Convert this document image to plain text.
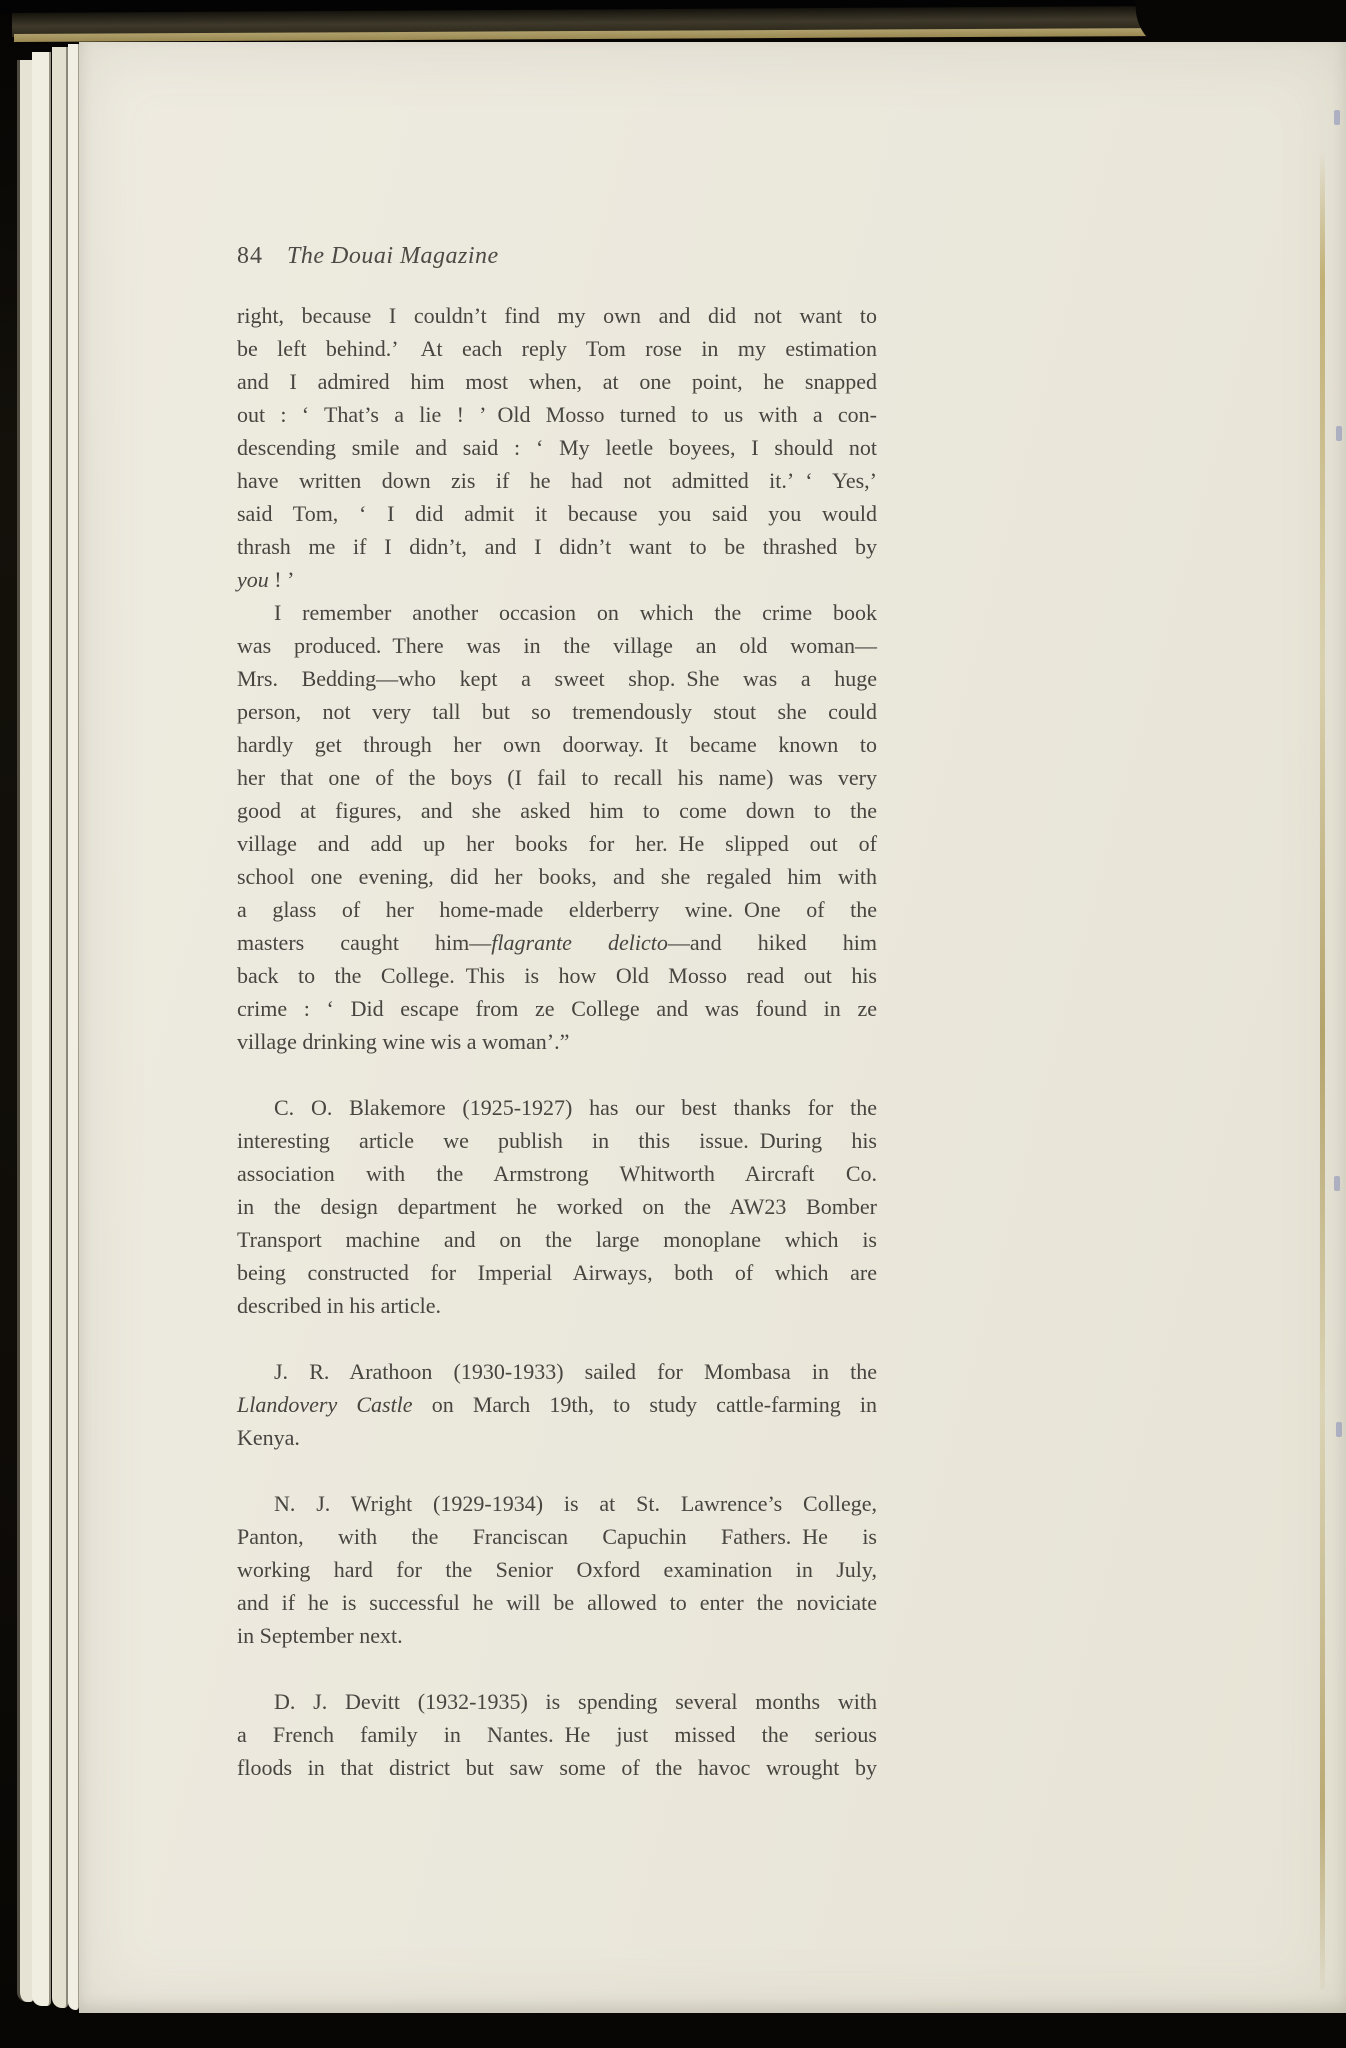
84 The Douai Magazine
right, because I couldn’t find my own and did not want to
be left behind.’  At each reply Tom rose in my estimation
and I admired him most when, at one point, he snapped
out : ‘ That’s a lie ! ’ Old Mosso turned to us with a con-
descending smile and said : ‘ My leetle boyees, I should not
have written down zis if he had not admitted it.’ ‘ Yes,’
said Tom, ‘ I did admit it because you said you would
thrash me if I didn’t, and I didn’t want to be thrashed by
you ! ’
I remember another occasion on which the crime book
was produced. There was in the village an old woman—
Mrs. Bedding—who kept a sweet shop. She was a huge
person, not very tall but so tremendously stout she could
hardly get through her own doorway. It became known to
her that one of the boys (I fail to recall his name) was very
good at figures, and she asked him to come down to the
village and add up her books for her. He slipped out of
school one evening, did her books, and she regaled him with
a glass of her home-made elderberry wine. One of the
masters caught him—flagrante delicto—and hiked him
back to the College. This is how Old Mosso read out his
crime : ‘ Did escape from ze College and was found in ze
village drinking wine wis a woman’.”
C. O. Blakemore (1925-1927) has our best thanks for the
interesting article we publish in this issue. During his
association with the Armstrong Whitworth Aircraft Co.
in the design department he worked on the AW23 Bomber
Transport machine and on the large monoplane which is
being constructed for Imperial Airways, both of which are
described in his article.
J. R. Arathoon (1930-1933) sailed for Mombasa in the
Llandovery Castle on March 19th, to study cattle-farming in
Kenya.
N. J. Wright (1929-1934) is at St. Lawrence’s College,
Panton, with the Franciscan Capuchin Fathers. He is
working hard for the Senior Oxford examination in July,
and if he is successful he will be allowed to enter the noviciate
in September next.
D. J. Devitt (1932-1935) is spending several months with
a French family in Nantes. He just missed the serious
floods in that district but saw some of the havoc wrought by
